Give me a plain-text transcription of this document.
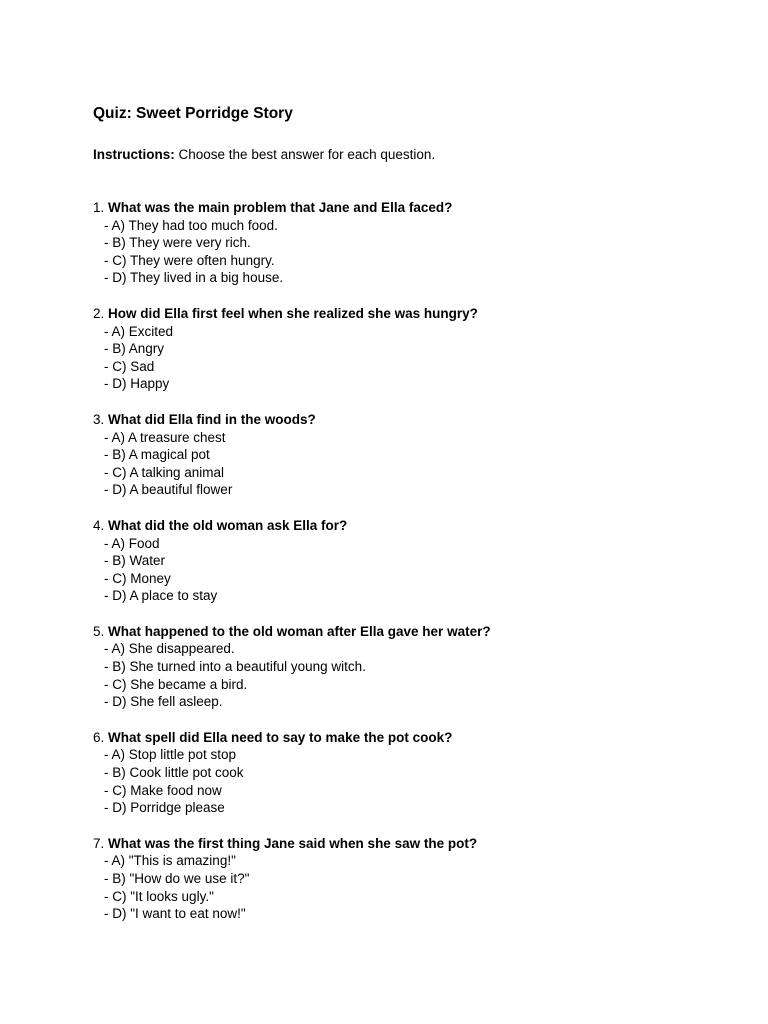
Quiz: Sweet Porridge Story
Instructions: Choose the best answer for each question.
1. What was the main problem that Jane and Ella faced?
- A) They had too much food.
- B) They were very rich.
- C) They were often hungry.
- D) They lived in a big house.
2. How did Ella first feel when she realized she was hungry?
- A) Excited
- B) Angry
- C) Sad
- D) Happy
3. What did Ella find in the woods?
- A) A treasure chest
- B) A magical pot
- C) A talking animal
- D) A beautiful flower
4. What did the old woman ask Ella for?
- A) Food
- B) Water
- C) Money
- D) A place to stay
5. What happened to the old woman after Ella gave her water?
- A) She disappeared.
- B) She turned into a beautiful young witch.
- C) She became a bird.
- D) She fell asleep.
6. What spell did Ella need to say to make the pot cook?
- A) Stop little pot stop
- B) Cook little pot cook
- C) Make food now
- D) Porridge please
7. What was the first thing Jane said when she saw the pot?
- A) "This is amazing!"
- B) "How do we use it?"
- C) "It looks ugly."
- D) "I want to eat now!"
